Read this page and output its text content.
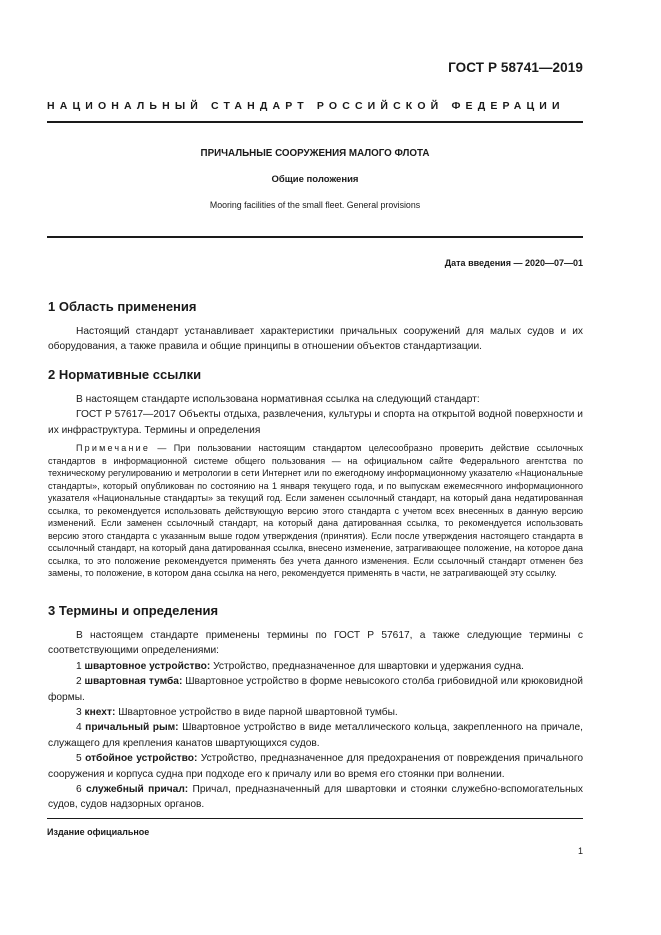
ГОСТ Р 58741—2019
НАЦИОНАЛЬНЫЙ СТАНДАРТ РОССИЙСКОЙ ФЕДЕРАЦИИ
ПРИЧАЛЬНЫЕ СООРУЖЕНИЯ МАЛОГО ФЛОТА
Общие положения
Mooring facilities of the small fleet. General provisions
Дата введения — 2020—07—01
1 Область применения

Настоящий стандарт устанавливает характеристики причальных сооружений для малых судов и их оборудования, а также правила и общие принципы в отношении объектов стандартизации.

2 Нормативные ссылки

В настоящем стандарте использована нормативная ссылка на следующий стандарт:

ГОСТ Р 57617—2017 Объекты отдыха, развлечения, культуры и спорта на открытой водной поверхности и их инфраструктура. Термины и определения

Примечание — При пользовании настоящим стандартом целесообразно проверить действие ссылочных стандартов в информационной системе общего пользования — на официальном сайте Федерального агентства по техническому регулированию и метрологии в сети Интернет или по ежегодному информационному указателю «Национальные стандарты», который опубликован по состоянию на 1 января текущего года, и по выпускам ежемесячного информационного указателя «Национальные стандарты» за текущий год. Если заменен ссылочный стандарт, на который дана недатированная ссылка, то рекомендуется использовать действующую версию этого стандарта с учетом всех внесенных в данную версию изменений. Если заменен ссылочный стандарт, на который дана датированная ссылка, то рекомендуется использовать версию этого стандарта с указанным выше годом утверждения (принятия). Если после утверждения настоящего стандарта в ссылочный стандарт, на который дана датированная ссылка, внесено изменение, затрагивающее положение, на которое дана ссылка, то это положение рекомендуется применять без учета данного изменения. Если ссылочный стандарт отменен без замены, то положение, в котором дана ссылка на него, рекомендуется применять в части, не затрагивающей эту ссылку.

3 Термины и определения

В настоящем стандарте применены термины по ГОСТ Р 57617, а также следующие термины с соответствующими определениями:

1 швартовное устройство: Устройство, предназначенное для швартовки и удержания судна.

2 швартовная тумба: Швартовное устройство в форме невысокого столба грибовидной или крюковидной формы.

3 кнехт: Швартовное устройство в виде парной швартовной тумбы.

4 причальный рым: Швартовное устройство в виде металлического кольца, закрепленного на причале, служащего для крепления канатов швартующихся судов.

5 отбойное устройство: Устройство, предназначенное для предохранения от повреждения причального сооружения и корпуса судна при подходе его к причалу или во время его стоянки при волнении.

6 служебный причал: Причал, предназначенный для швартовки и стоянки служебно-вспомогательных судов, судов надзорных органов.

Издание официальное
1
